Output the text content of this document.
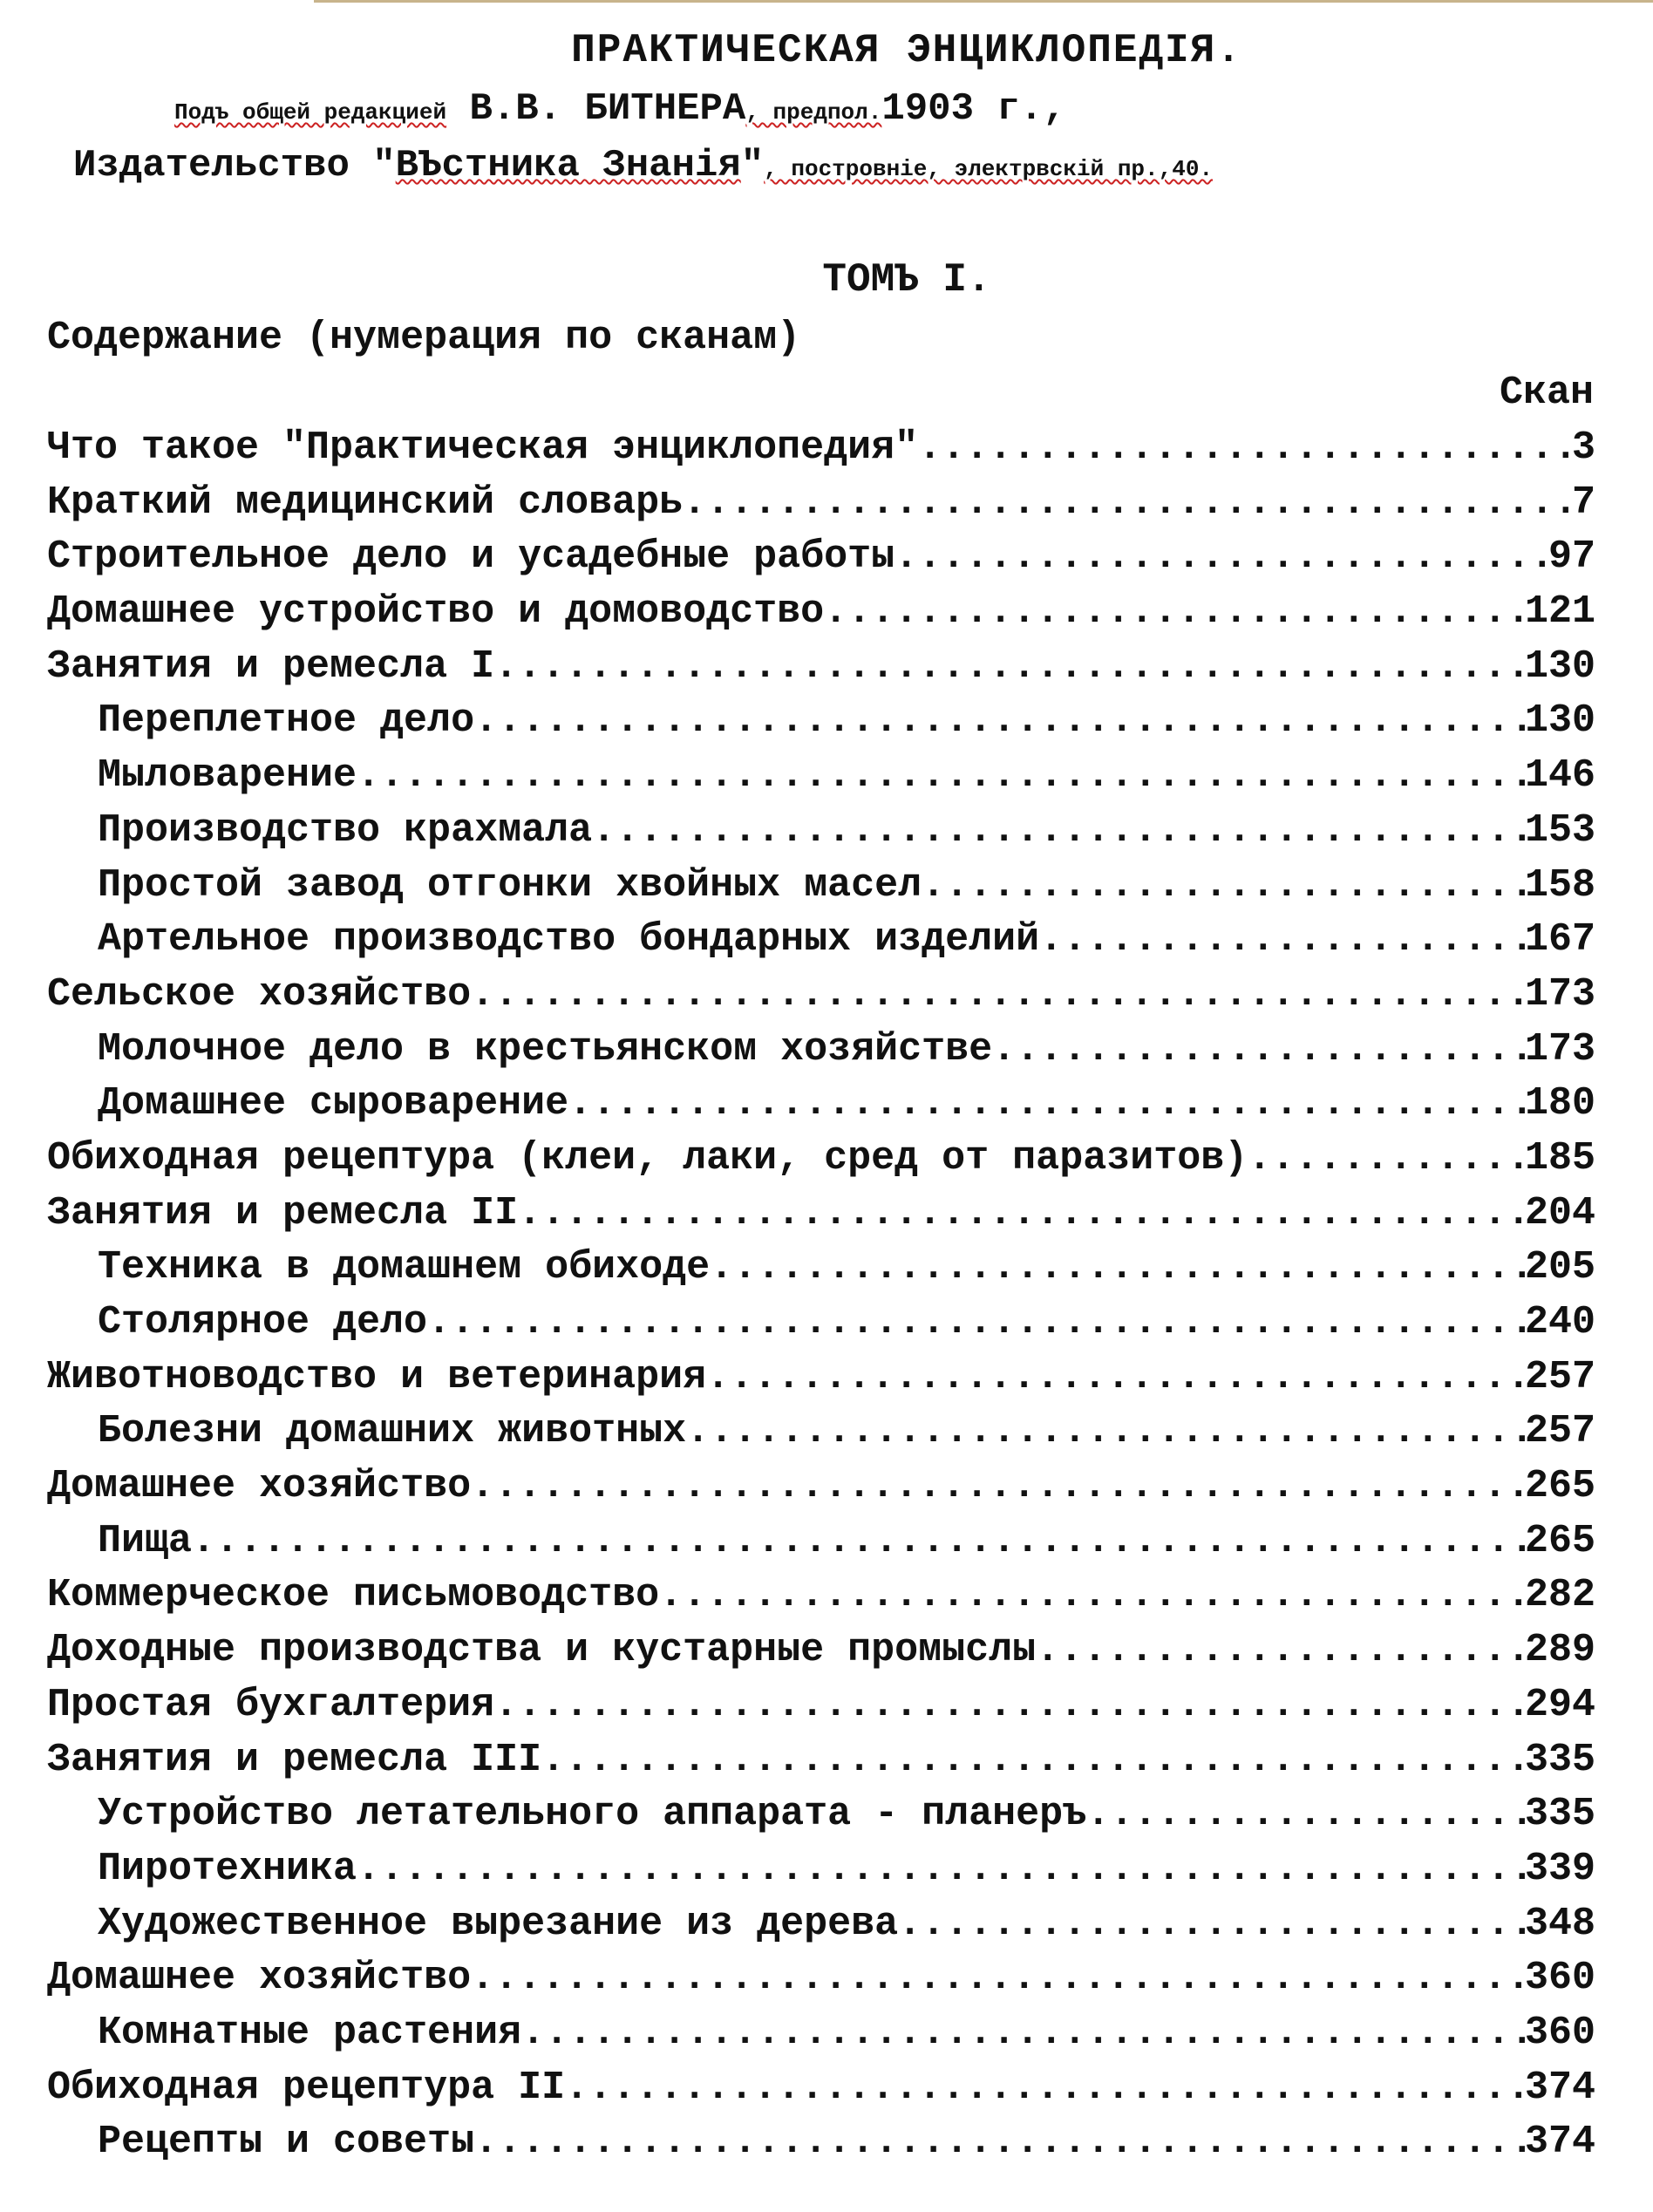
ПРАКТИЧЕСКАЯ ЭНЦИКЛОПЕДІЯ.
Подъ общей редакцией В.В. БИТНЕРА, предпол.1903 г.,
Издательство "ВЪстника Знанія", постровніе, электрвскій пр.,40.
ТОМЪ I.
Содержание (нумерация по сканам)
Скан
Что такое "Практическая энциклопедия" .....	3
Краткий медицинский словарь .....	7
Строительное дело и усадебные работы .....	97
Домашнее устройство и домоводство .....	121
Занятия и ремесла I .....	130
Переплетное дело .....	130
Мыловарение .....	146
Производство крахмала .....	153
Простой завод отгонки хвойных масел .....	158
Артельное производство бондарных изделий .....	167
Сельское хозяйство .....	173
Молочное дело в крестьянском хозяйстве .....	173
Домашнее сыроварение .....	180
Обиходная рецептура (клеи, лаки, сред от паразитов) .....	185
Занятия и ремесла II .....	204
Техника в домашнем обиходе .....	205
Столярное дело .....	240
Животноводство и ветеринария .....	257
Болезни домашних животных .....	257
Домашнее хозяйство .....	265
Пища .....	265
Коммерческое письмоводство .....	282
Доходные производства и кустарные промыслы .....	289
Простая бухгалтерия .....	294
Занятия и ремесла III .....	335
Устройство летательного аппарата - планеръ .....	335
Пиротехника .....	339
Художественное вырезание из дерева .....	348
Домашнее хозяйство .....	360
Комнатные растения .....	360
Обиходная рецептура II .....	374
Рецепты и советы .....	374
